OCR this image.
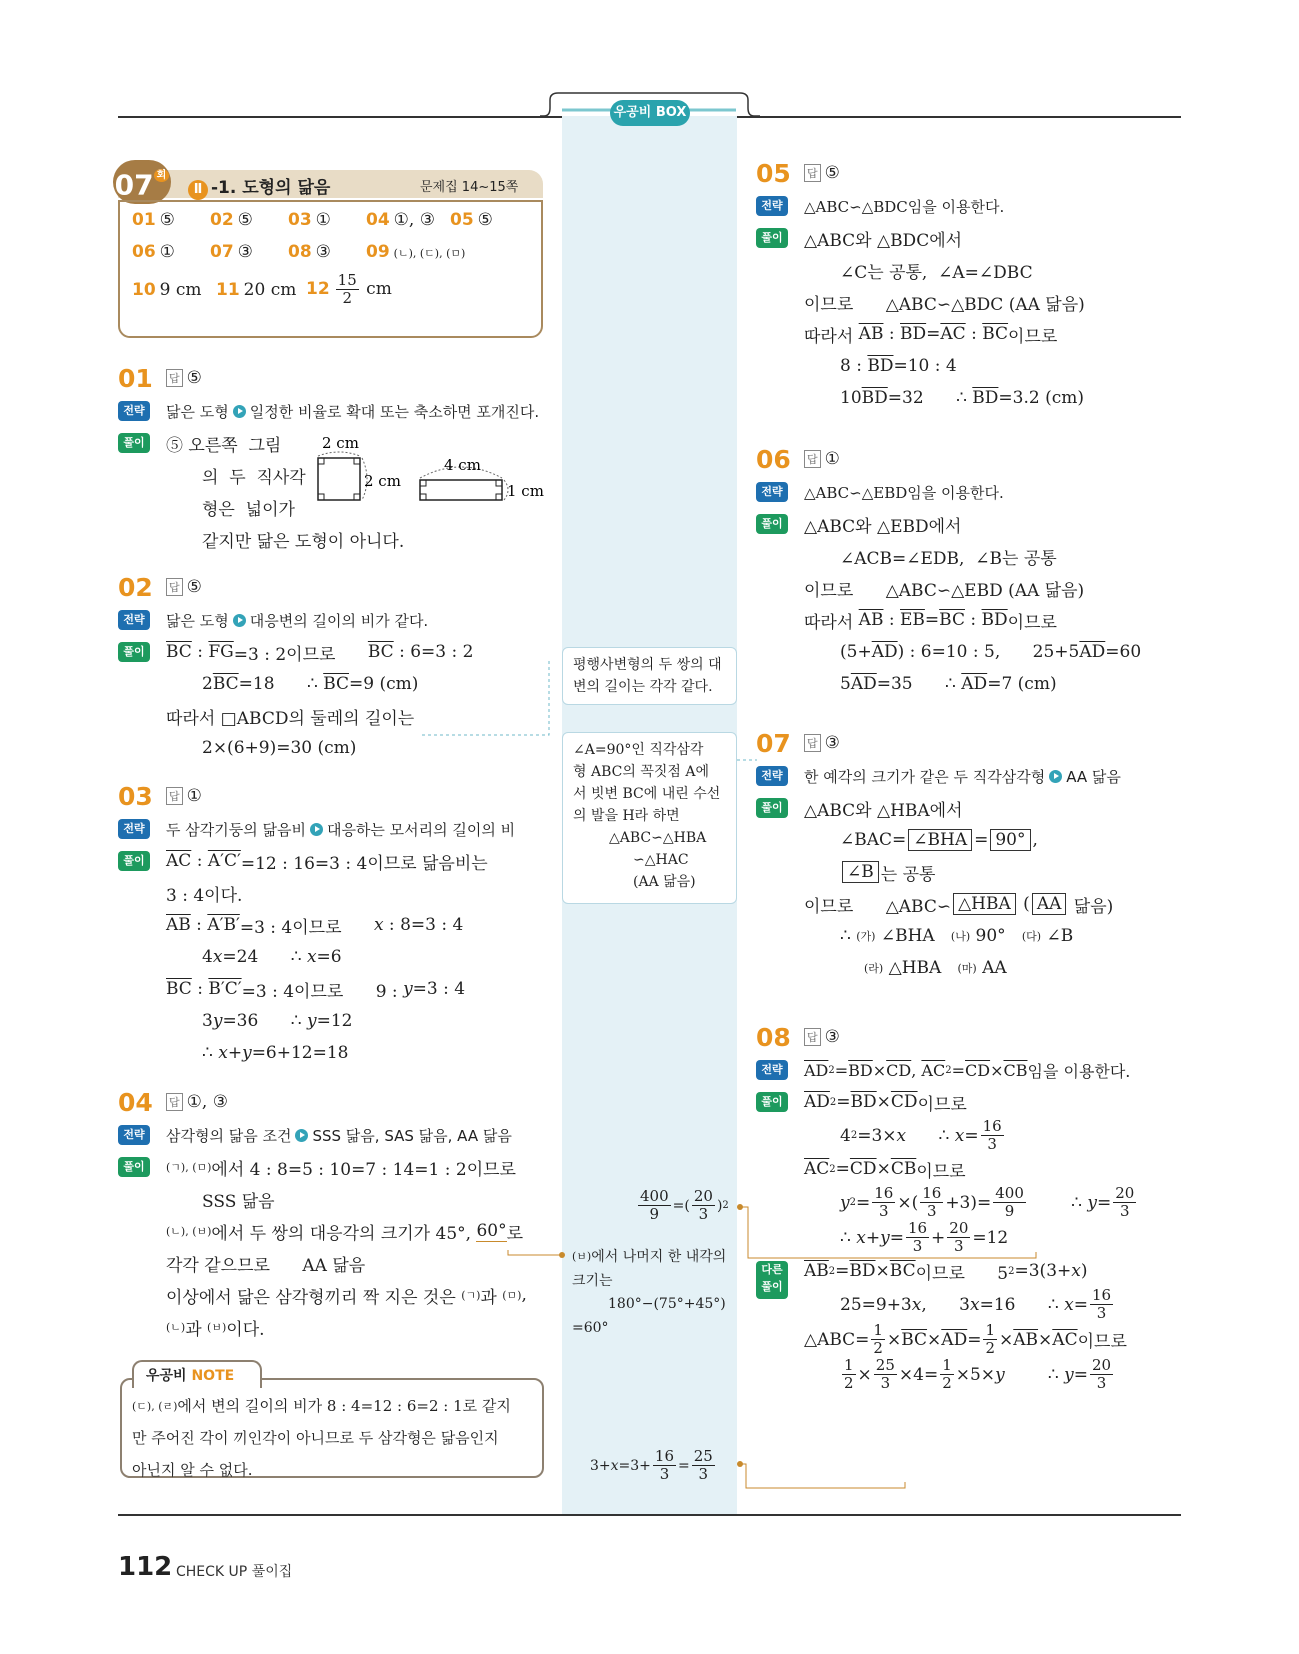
우공비 BOX
07 $^회$
Ⅱ -1. 도형의 닮음	문제집 14~15쪽
01 ⑤ 02 ⑤ 03 ① 04 ①, ③ 05 ⑤
06 ① 07 ③ 08 ③ 09 (ㄴ), (ㄷ), (ㅁ)
10 9 cm 11 20 cm $12 \frac{15}{2}$ cm
01	답 ⑤
전략	닮은 도형 일정한 비율로 확대 또는 축소하면 포개진다.
풀이	⑤ 오른쪽  그림
의  두  직사각
형은  넓이가
같지만 닮은 도형이 아니다.
2 cm
2 cm
4 cm
1 cm
02	답 ⑤
전략	닮은 도형 대응변의 길이의 비가 같다.
풀이	$\overline{BC}$ : $\overline{FG} =3$ : 2이므로 $\overline{BC}$ : 6=3 : 2
2 $\overline{BC} =18$      ∴ $\overline{BC} =9$ (cm)
따라서 □ABCD의 둘레의 길이는
2×(6+9)=30 (cm)
03	답 ①
전략	두 삼각기둥의 닮음비 대응하는 모서리의 길이의 비
풀이	$\overline{AC}$ : A′C′ =12 : 16=3 : 4이므로 닮음비는
3 : 4이다.
$\overline{AB}$ : A′B′ =3 : 4이므로 x : 8=3 : 4
4 x =24      ∴ x =6
$\overline{BC}$ : B′C′ =3 : 4이므로      9 : y =3 : 4
3 y =36      ∴ y =12
∴ x + y =6+12=18
04	답 ①, ③
전략	삼각형의 닮음 조건 SSS 닮음, SAS 닮음, AA 닮음
풀이	(ㄱ), (ㅁ) 에서 4 : 8=5 : 10=7 : 14=1 : 2이므로
SSS 닮음
(ㄴ), (ㅂ) 에서 두 쌍의 대응각의 크기가 45°, 60° 로
각각 같으므로      AA 닮음
이상에서 닮은 삼각형끼리 짝 지은 것은 (ㄱ) 과 (ㅁ) ,
(ㄴ) 과 (ㅂ) 이다.
우공비 NOTE
(ㄷ), (ㄹ) 에서 변의 길이의 비가 8 : 4=12 : 6=2 : 1로 같지
만 주어진 각이 끼인각이 아니므로 두 삼각형은 닮음인지
아닌지 알 수 없다.
평행사변형의 두 쌍의 대
변의 길이는 각각 같다.
∠A=90°인 직각삼각
형 ABC의 꼭짓점 A에
서 빗변 BC에 내린 수선
의 발을 H라 하면
△ABC∽△HBA
∽△HAC
(AA 닮음)
$\frac{400}{9}$ =( $\frac{20}{3}$ ) 2
(ㅂ) 에서 나머지 한 내각의
크기는
180°−(75°+45°)
=60°
$3+ x =3+ \frac{16}{3} = \frac{25}{3}$
05	답 ⑤
전략	△ABC∽△BDC임을 이용한다.
풀이	△ABC와 △BDC에서
∠C는 공통,  ∠A=∠DBC
이므로      △ABC∽△BDC (AA 닮음)
따라서 $\overline{AB}$ : $\overline{BD} = \overline{AC}$ : $\overline{BC}$ 이므로
8 : $\overline{BD} =10$ : 4
10 $\overline{BD} =32$      ∴ $\overline{BD} =3.2$ (cm)
06	답 ①
전략	△ABC∽△EBD임을 이용한다.
풀이	△ABC와 △EBD에서
∠ACB=∠EDB,  ∠B는 공통
이므로      △ABC∽△EBD (AA 닮음)
따라서 $\overline{AB}$ : $\overline{EB} = \overline{BC}$ : $\overline{BD}$ 이므로
($5+ \overline{AD}$ ) : 6=10 : 5,      25+5 $\overline{AD} =60$
5 $\overline{AD} =35$      ∴ $\overline{AD} =7$ (cm)
07	답 ③
전략	한 예각의 크기가 같은 두 직각삼각형 AA 닮음
풀이	△ABC와 △HBA에서
∠BAC= ∠BHA = 90° ,
∠B 는 공통
이므로      △ABC∽ △HBA ( AA 닮음)
∴ (가) ∠BHA (나) 90° (다) ∠B
(라) △HBA (마) AA
08	답 ③
전략	$\overline{AD}$ $2 = \overline{BD} \times \overline{CD}$ , $\overline{AC}$ $2 = \overline{CD} \times \overline{CB}$ 임을 이용한다.
풀이	$\overline{AD}$ $2 = \overline{BD} \times \overline{CD}$ 이므로
4 2 =3× x ∴ $x = \frac{16}{3}$
$\overline{AC}$ $2 = \overline{CD} \times \overline{CB}$ 이므로
y $2 = \frac{16}{3}$ ×( $\frac{16}{3} +3)= \frac{400}{9}$ ∴ $y = \frac{20}{3}$
∴ $x + y = \frac{16}{3} + \frac{20}{3} =12$
다른 풀이
$\overline{AB}$ $2 = \overline{BD} \times \overline{BC}$ 이므로      5 2 =3(3+ x )
25=9+3 x ,      3 x =16      ∴ $x = \frac{16}{3}$
△ABC= $\frac{1}{2} \times \overline{BC} \times \overline{AD} = \frac{1}{2} \times \overline{AB} \times \overline{AC}$ 이므로
$\frac{1}{2} \times \frac{25}{3} \times 4= \frac{1}{2} \times 5\times y$ ∴ $y = \frac{20}{3}$
112 CHECK UP 풀이집
